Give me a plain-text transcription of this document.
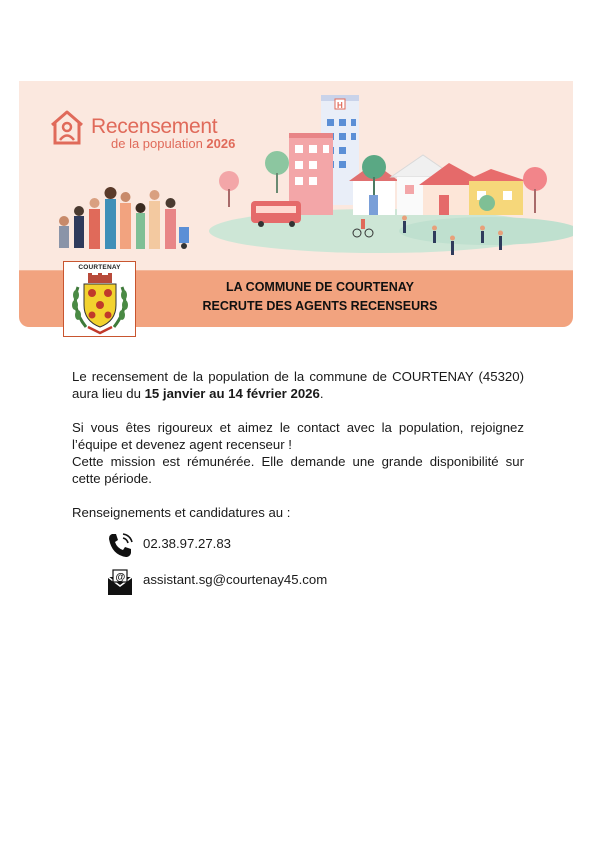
H
Recensement
de la population 2026
LA COMMUNE DE COURTENAY
RECRUTE DES AGENTS RECENSEURS
COURTENAY

Le recensement de la population de la commune de COURTENAY (45320) aura lieu du 15 janvier au 14 février 2026.

Si vous êtes rigoureux et aimez le contact avec la population, rejoignez l’équipe et devenez agent recenseur !

Cette mission est rémunérée. Elle demande une grande disponibilité sur cette période.

Renseignements et candidatures au :

02.38.97.27.83
@ assistant.sg@courtenay45.com
